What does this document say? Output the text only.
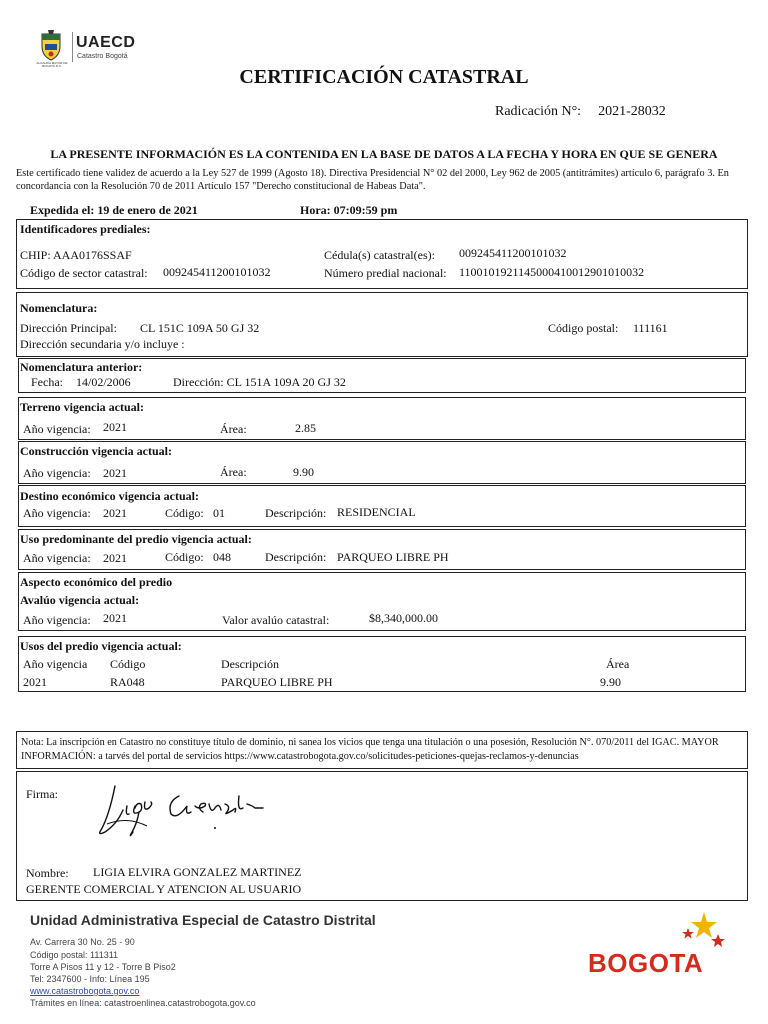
ALCALDÍA MAYOR DE BOGOTÁ D.C.
UAECD
Catastro Bogotá
CERTIFICACIÓN CATASTRAL
Radicación N°: 2021-28032
LA PRESENTE INFORMACIÓN ES LA CONTENIDA EN LA BASE DE DATOS A LA FECHA Y HORA EN QUE SE GENERA
Este certificado tiene validez de acuerdo a la Ley 527 de 1999 (Agosto 18). Directiva Presidencial N° 02 del 2000, Ley 962 de 2005 (antitrámites) artículo 6, parágrafo 3. En concordancia con la Resolución 70 de 2011 Artículo 157 "Derecho constitucional de Habeas Data".
Expedida el: 19 de enero de 2021	Hora: 07:09:59 pm
Identificadores prediales:
CHIP: AAA0176SSAF	Cédula(s) catastral(es): 009245411200101032
Código de sector catastral: 009245411200101032	Número predial nacional: 1100101921145000410012901010032
Nomenclatura:
Dirección Principal: CL 151C 109A 50 GJ 32	Código postal: 111161
Dirección secundaria y/o incluye :
Nomenclatura anterior:
Fecha: 14/02/2006	Dirección: CL 151A 109A 20 GJ 32
Terreno vigencia actual:
Año vigencia: 2021	Área:	2.85
Construcción vigencia actual:
Año vigencia: 2021	Área:	9.90
Destino económico vigencia actual:
Año vigencia: 2021	Código: 01	Descripción: RESIDENCIAL
Uso predominante del predio vigencia actual:
Año vigencia: 2021	Código: 048	Descripción: PARQUEO LIBRE PH
Aspecto económico del predio
Avalúo vigencia actual:
Año vigencia: 2021	Valor avalúo catastral:	$8,340,000.00
Usos del predio vigencia actual:
Año vigencia Código	Descripción	Área
2021	RA048	PARQUEO LIBRE PH	9.90
Nota: La inscripción en Catastro no constituye título de dominio, ni sanea los vicios que tenga una titulación o una posesión, Resolución N°. 070/2011 del IGAC. MAYOR INFORMACIÓN: a tarvés del portal de servicios https://www.catastrobogota.gov.co/solicitudes-peticiones-quejas-reclamos-y-denuncias
Firma:
Nombre: LIGIA ELVIRA GONZALEZ MARTINEZ
GERENTE COMERCIAL Y ATENCION AL USUARIO
Unidad Administrativa Especial de Catastro Distrital
Av. Carrera 30 No. 25 - 90
Código postal: 111311
Torre A Pisos 11 y 12 - Torre B Piso2
Tel: 2347600 - Info: Línea 195
www.catastrobogota.gov.co
Trámites en línea: catastroenlinea.catastrobogota.gov.co
BOGOTA
